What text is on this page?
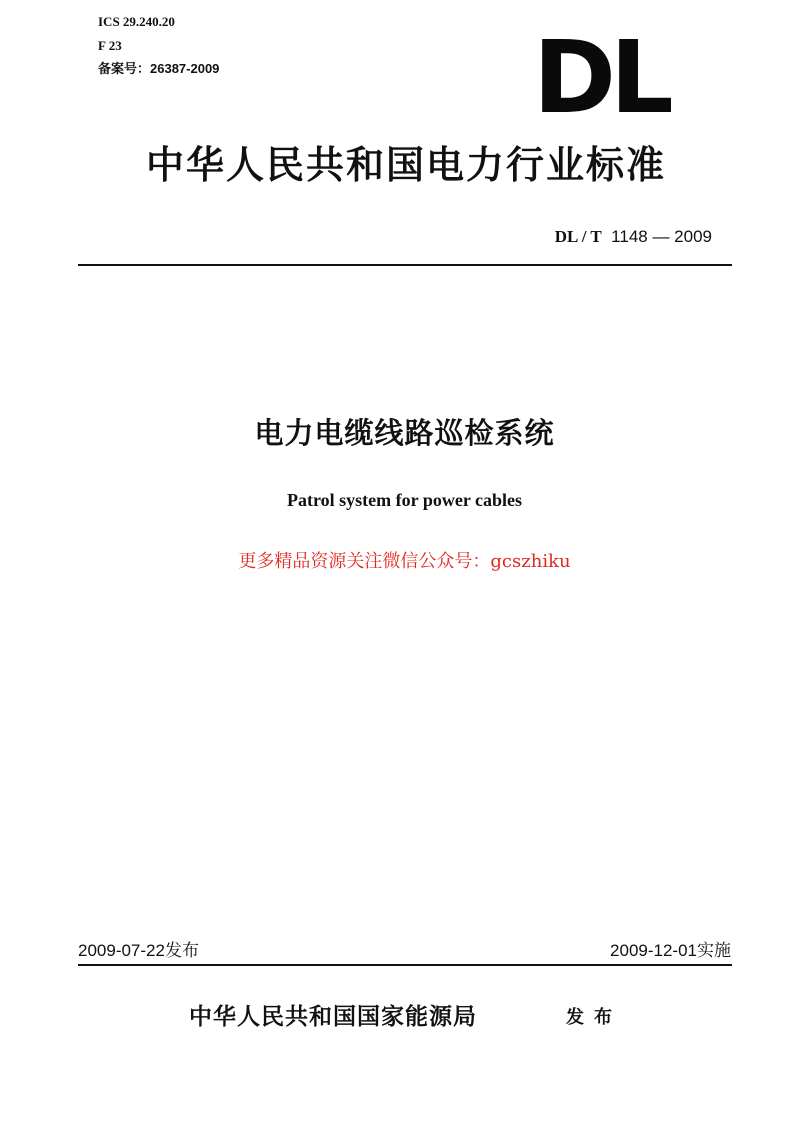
ICS 29.240.20
F 23
备案号：26387-2009	DL
中华人民共和国电力行业标准
DL / T 1148 — 2009
电力电缆线路巡检系统
Patrol system for power cables
更多精品资源关注微信公众号：gcszhiku
2009-07-22发布	2009-12-01实施
中华人民共和国国家能源局	发布
